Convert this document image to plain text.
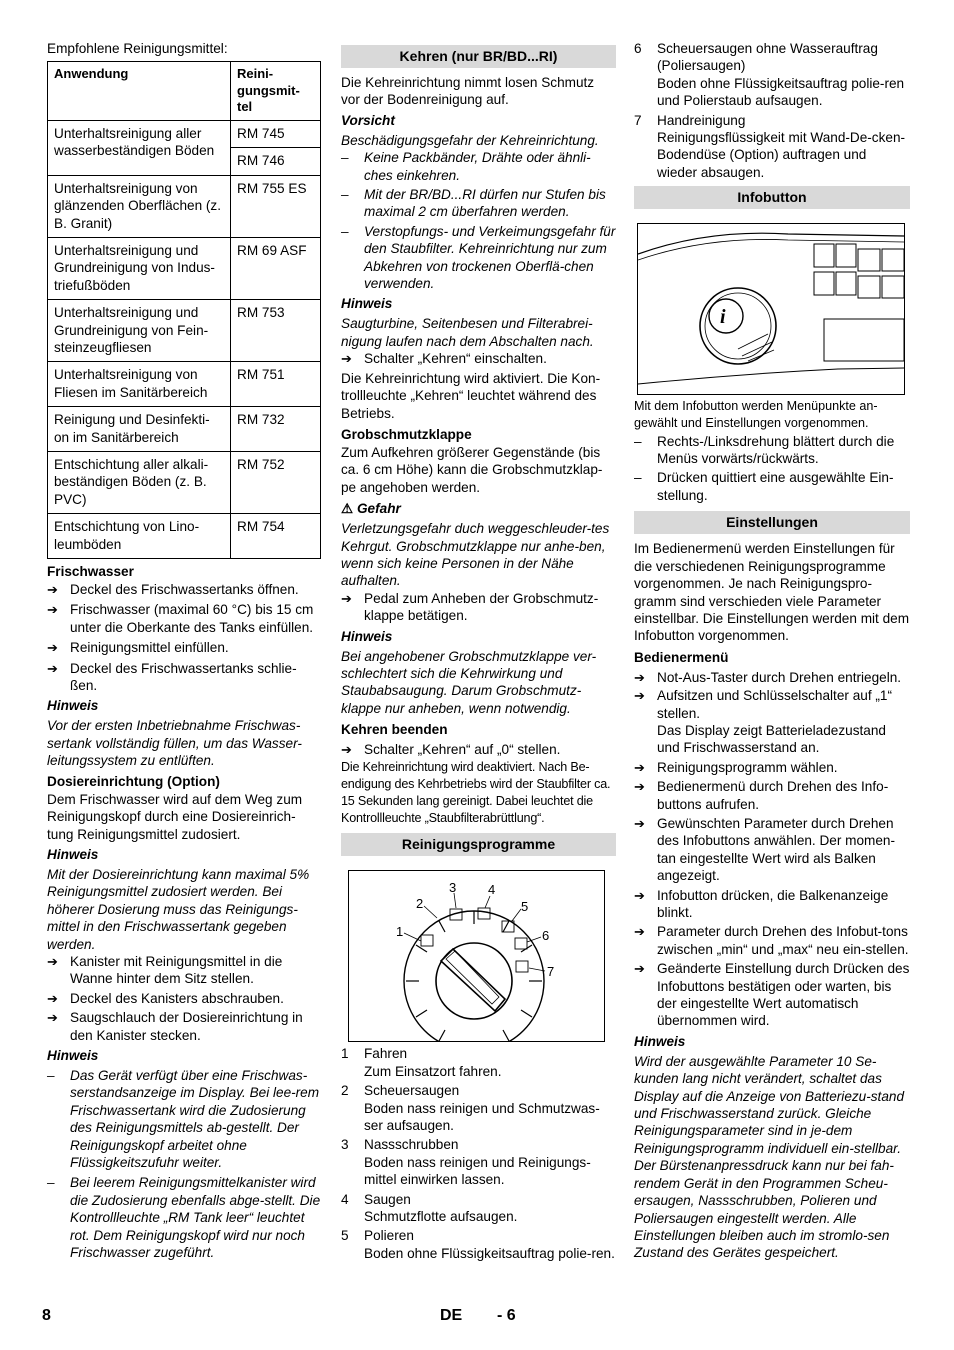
Empfohlene Reinigungsmittel:

Anwendung	Reini-
gungsmit-
tel
Unterhaltsreinigung aller wasserbeständigen Böden	RM 745
	RM 746
Unterhaltsreinigung von glänzenden Oberflächen (z. B. Granit)	RM 755 ES
Unterhaltsreinigung und Grundreinigung von Indus-triefußböden	RM 69 ASF
Unterhaltsreinigung und Grundreinigung von Fein-steinzeugfliesen	RM 753
Unterhaltsreinigung von Fliesen im Sanitärbereich	RM 751
Reinigung und Desinfekti-on im Sanitärbereich	RM 732
Entschichtung aller alkali-beständigen Böden (z. B. PVC)	RM 752
Entschichtung von Lino-leumböden	RM 754

Frischwasser

➔ Deckel des Frischwassertanks öffnen.
➔ Frischwasser (maximal 60 °C) bis 15 cm unter die Oberkante des Tanks einfüllen.
➔ Reinigungsmittel einfüllen.
➔ Deckel des Frischwassertanks schlie-ßen.

Hinweis

Vor der ersten Inbetriebnahme Frischwas-sertank vollständig füllen, um das Wasser-leitungssystem zu entlüften.

Dosiereinrichtung (Option)

Dem Frischwasser wird auf dem Weg zum Reinigungskopf durch eine Dosiereinrich-tung Reinigungsmittel zudosiert.

Hinweis

Mit der Dosiereinrichtung kann maximal 5% Reinigungsmittel zudosiert werden. Bei höherer Dosierung muss das Reinigungs-mittel in den Frischwassertank gegeben werden.

➔ Kanister mit Reinigungsmittel in die Wanne hinter dem Sitz stellen.
➔ Deckel des Kanisters abschrauben.
➔ Saugschlauch der Dosiereinrichtung in den Kanister stecken.

Hinweis

– Das Gerät verfügt über eine Frischwas-serstandsanzeige im Display. Bei lee-rem Frischwassertank wird die Zudosierung des Reinigungsmittels ab-gestellt. Der Reinigungskopf arbeitet ohne Flüssigkeitszufuhr weiter.
– Bei leerem Reinigungsmittelkanister wird die Zudosierung ebenfalls abge-stellt. Die Kontrollleuchte „RM Tank leer“ leuchtet rot. Dem Reinigungskopf wird nur noch Frischwasser zugeführt.
Kehren (nur BR/BD...RI)

Die Kehreinrichtung nimmt losen Schmutz vor der Bodenreinigung auf.

Vorsicht

Beschädigungsgefahr der Kehreinrichtung.

– Keine Packbänder, Drähte oder ähnli-ches einkehren.
– Mit der BR/BD...RI dürfen nur Stufen bis maximal 2 cm überfahren werden.
– Verstopfungs- und Verkeimungsgefahr für den Staubfilter. Kehreinrichtung nur zum Abkehren von trockenen Oberflä-chen verwenden.

Hinweis

Saugturbine, Seitenbesen und Filterabrei-nigung laufen nach dem Abschalten nach.

➔ Schalter „Kehren“ einschalten.

Die Kehreinrichtung wird aktiviert. Die Kon-trollleuchte „Kehren“ leuchtet während des Betriebs.

Grobschmutzklappe

Zum Aufkehren größerer Gegenstände (bis ca. 6 cm Höhe) kann die Grobschmutzklap-pe angehoben werden.

⚠ Gefahr

Verletzungsgefahr duch weggeschleuder-tes Kehrgut. Grobschmutzklappe nur anhe-ben, wenn sich keine Personen in der Nähe aufhalten.

➔ Pedal zum Anheben der Grobschmutz-klappe betätigen.

Hinweis

Bei angehobener Grobschmutzklappe ver-schlechtert sich die Kehrwirkung und Staubabsaugung. Darum Grobschmutz-klappe nur anheben, wenn notwendig.

Kehren beenden

➔ Schalter „Kehren“ auf „0“ stellen.

Die Kehreinrichtung wird deaktiviert. Nach Be-endigung des Kehrbetriebs wird der Staubfilter ca. 15 Sekunden lang gereinigt. Dabei leuchtet die Kontrollleuchte „Staubfilterabrüttlung“.

Reinigungsprogramme
1
2
3 4
5
6
7
1 Fahren
Zum Einsatzort fahren.
2 Scheuersaugen
Boden nass reinigen und Schmutzwas-ser aufsaugen.
3 Nassschrubben
Boden nass reinigen und Reinigungs-mittel einwirken lassen.
4 Saugen
Schmutzflotte aufsaugen.
5 Polieren
Boden ohne Flüssigkeitsauftrag polie-ren.
6 Scheuersaugen ohne Wasserauftrag (Poliersaugen)
Boden ohne Flüssigkeitsauftrag polie-ren und Polierstaub aufsaugen.
7 Handreinigung
Reinigungsflüssigkeit mit Wand-De-cken-Bodendüse (Option) auftragen und wieder absaugen.
Infobutton
i

Mit dem Infobutton werden Menüpunkte an-gewählt und Einstellungen vorgenommen.

– Rechts-/Linksdrehung blättert durch die Menüs vorwärts/rückwärts.
– Drücken quittiert eine ausgewählte Ein-stellung.
Einstellungen

Im Bedienermenü werden Einstellungen für die verschiedenen Reinigungsprogramme vorgenommen. Je nach Reinigungspro-gramm sind verschieden viele Parameter einstellbar. Die Einstellungen werden mit dem Infobutton vorgenommen.

Bedienermenü

➔ Not-Aus-Taster durch Drehen entriegeln.
➔ Aufsitzen und Schlüsselschalter auf „1“ stellen.

Das Display zeigt Batterieladezustand und Frischwasserstand an.

➔ Reinigungsprogramm wählen.
➔ Bedienermenü durch Drehen des Info-buttons aufrufen.
➔ Gewünschten Parameter durch Drehen des Infobuttons anwählen. Der momen-tan eingestellte Wert wird als Balken angezeigt.
➔ Infobutton drücken, die Balkenanzeige blinkt.
➔ Parameter durch Drehen des Infobut-tons zwischen „min“ und „max“ neu ein-stellen.
➔ Geänderte Einstellung durch Drücken des Infobuttons bestätigen oder warten, bis der eingestellte Wert automatisch übernommen wird.

Hinweis

Wird der ausgewählte Parameter 10 Se-kunden lang nicht verändert, schaltet das Display auf die Anzeige von Batteriezu-stand und Frischwasserstand zurück. Gleiche Reinigungsparameter sind in je-dem Reinigungsprogramm individuell ein-stellbar. Der Bürstenanpressdruck kann nur bei fah-rendem Gerät in den Programmen Scheu-ersaugen, Nassschrubben, Polieren und Poliersaugen eingestellt werden. Alle Einstellungen bleiben auch im stromlo-sen Zustand des Gerätes gespeichert.

8	DE - 6
